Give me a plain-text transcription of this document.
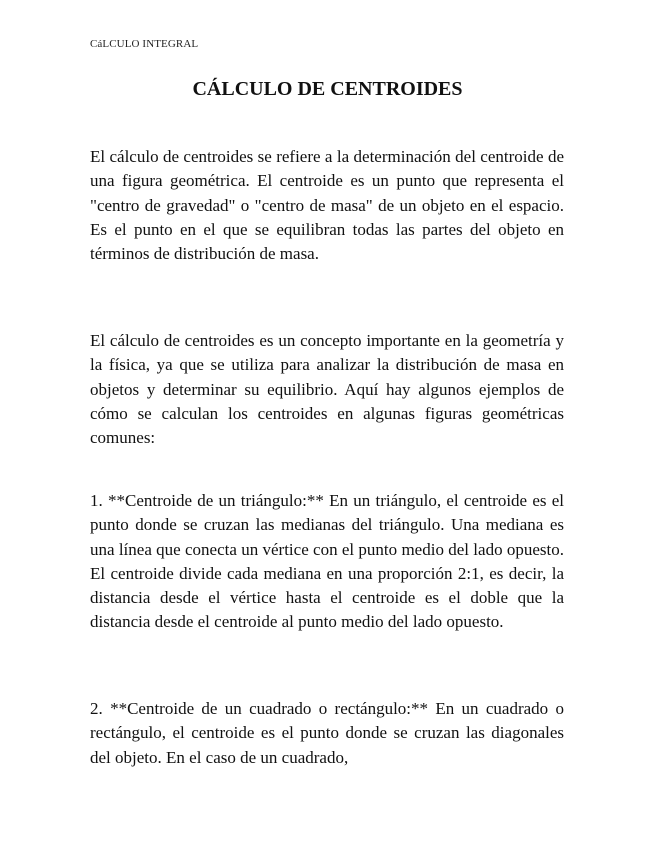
CáLCULO INTEGRAL
CÁLCULO DE CENTROIDES

El cálculo de centroides se refiere a la determinación del centroide de una figura geométrica. El centroide es un punto que representa el "centro de gravedad" o "centro de masa" de un objeto en el espacio. Es el punto en el que se equilibran todas las partes del objeto en términos de distribución de masa.

El cálculo de centroides es un concepto importante en la geometría y la física, ya que se utiliza para analizar la distribución de masa en objetos y determinar su equilibrio. Aquí hay algunos ejemplos de cómo se calculan los centroides en algunas figuras geométricas comunes:

1. **Centroide de un triángulo:** En un triángulo, el centroide es el punto donde se cruzan las medianas del triángulo. Una mediana es una línea que conecta un vértice con el punto medio del lado opuesto. El centroide divide cada mediana en una proporción 2:1, es decir, la distancia desde el vértice hasta el centroide es el doble que la distancia desde el centroide al punto medio del lado opuesto.

2. **Centroide de un cuadrado o rectángulo:** En un cuadrado o rectángulo, el centroide es el punto donde se cruzan las diagonales del objeto. En el caso de un cuadrado,
